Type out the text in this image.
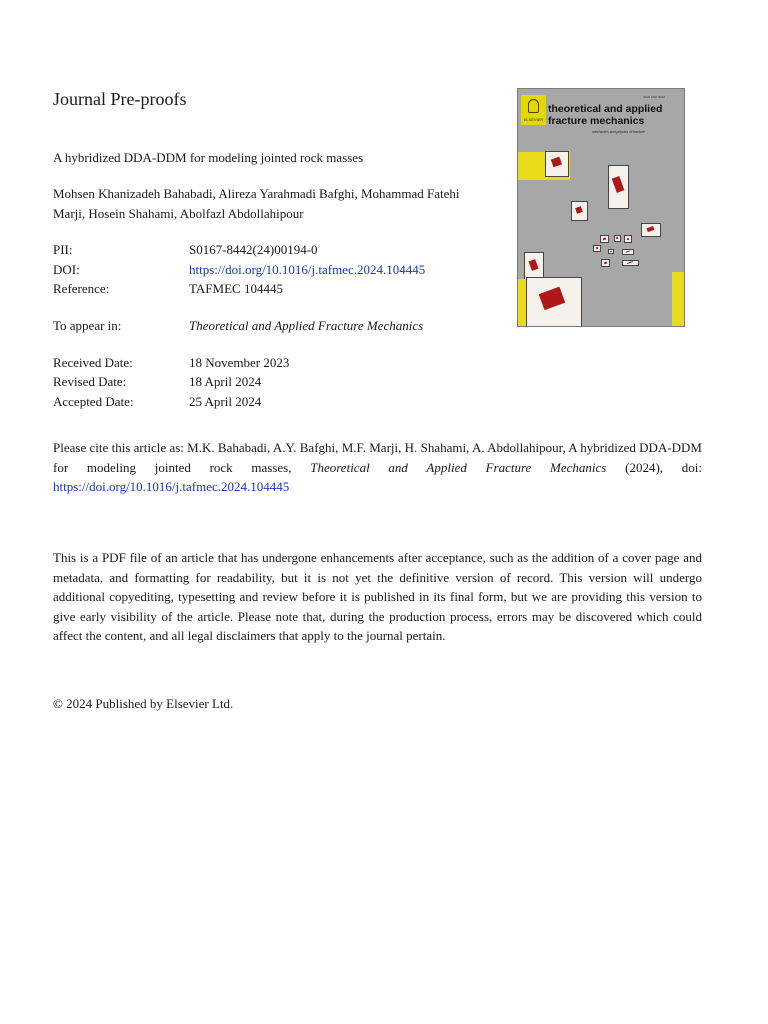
Journal Pre-proofs
A hybridized DDA-DDM for modeling jointed rock masses
Mohsen Khanizadeh Bahabadi, Alireza Yarahmadi Bafghi, Mohammad Fatehi Marji, Hosein Shahami, Abolfazl Abdollahipour
PII:	S0167-8442(24)00194-0
DOI:	https://doi.org/10.1016/j.tafmec.2024.104445
Reference:	TAFMEC 104445
To appear in:	Theoretical and Applied Fracture Mechanics
Received Date:	18 November 2023
Revised Date:	18 April 2024
Accepted Date:	25 April 2024
Please cite this article as: M.K. Bahabadi, A.Y. Bafghi, M.F. Marji, H. Shahami, A. Abdollahipour, A hybridized DDA-DDM for modeling jointed rock masses, Theoretical and Applied Fracture Mechanics (2024), doi: https://doi.org/10.1016/j.tafmec.2024.104445
This is a PDF file of an article that has undergone enhancements after acceptance, such as the addition of a cover page and metadata, and formatting for readability, but it is not yet the definitive version of record. This version will undergo additional copyediting, typesetting and review before it is published in its final form, but we are providing this version to give early visibility of the article. Please note that, during the production process, errors may be discovered which could affect the content, and all legal disclaimers that apply to the journal pertain.
© 2024 Published by Elsevier Ltd.
ELSEVIER
ISSN 0167-8442
theoretical and applied
fracture mechanics
mechanics and physics of fracture
